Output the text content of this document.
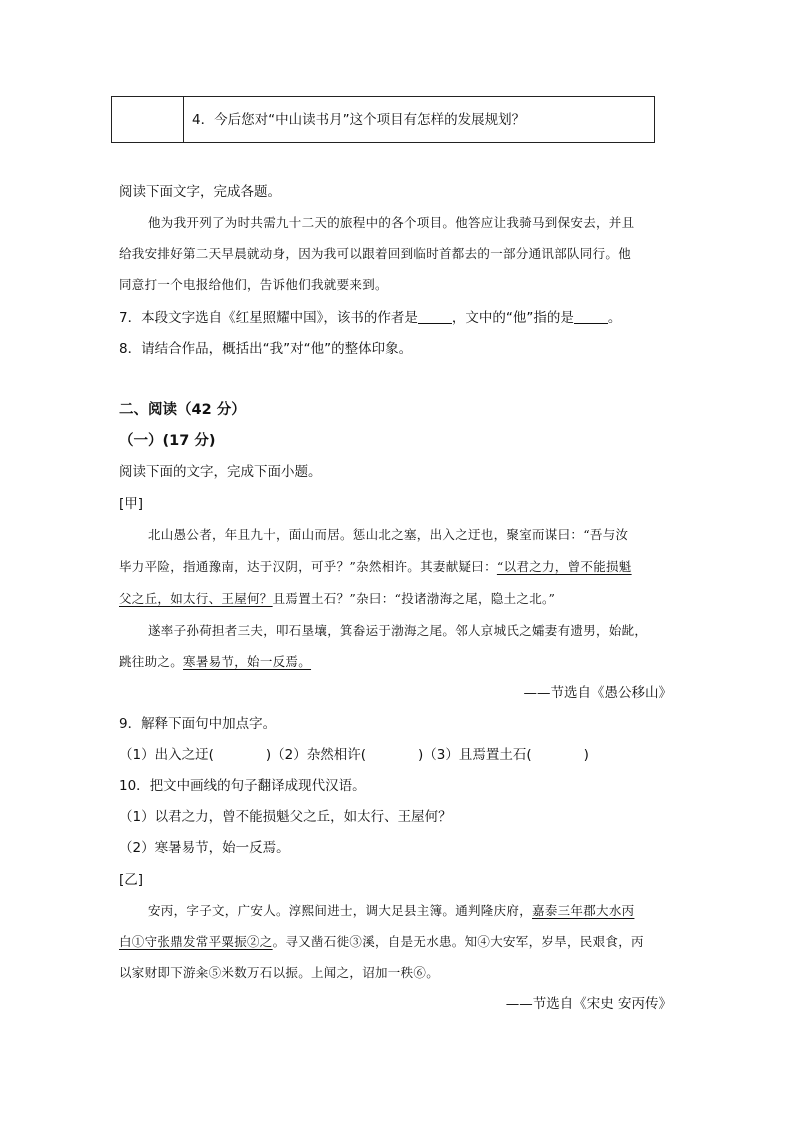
4．今后您对“中山读书月”这个项目有怎样的发展规划？
阅读下面文字，完成各题。
他为我开列了为时共需九十二天的旅程中的各个项目。他答应让我骑马到保安去，并且
给我安排好第二天早晨就动身，因为我可以跟着回到临时首都去的一部分通讯部队同行。他
同意打一个电报给他们，告诉他们我就要来到。
7．本段文字选自《红星照耀中国》，该书的作者是	，文中的“他”指的是	。
8．请结合作品，概括出“我”对“他”的整体印象。
二、阅读（42 分）
（一）(17 分)
阅读下面的文字，完成下面小题。
[甲]
北山愚公者，年且九十，面山而居。惩山北之塞，出入之迂也，聚室而谋曰：“吾与汝
毕力平险，指通豫南，达于汉阴，可乎？”杂然相许。其妻献疑曰：“以君之力，曾不能损魁
父之丘，如太行、王屋何？且焉置土石？”杂曰：“投诸渤海之尾，隐土之北。”
遂率子孙荷担者三夫，叩石垦壤，箕畚运于渤海之尾。邻人京城氏之孀妻有遗男，始龀，
跳往助之。寒暑易节，始一反焉。
——节选自《愚公移山》
9．解释下面句中加点字。
（1）出入之迂(	)（2）杂然相许(	)（3）且焉置土石(	)
10．把文中画线的句子翻译成现代汉语。
（1）以君之力，曾不能损魁父之丘，如太行、王屋何？
（2）寒暑易节，始一反焉。
[乙]
安丙，字子文，广安人。淳熙间进士，调大足县主簿。通判隆庆府，嘉泰三年郡大水丙
白①守张鼎发常平粟振②之。寻又凿石徙③溪，自是无水患。知④大安军，岁旱，民艰食，丙
以家财即下游籴⑤米数万石以振。上闻之，诏加一秩⑥。
——节选自《宋史 安丙传》
